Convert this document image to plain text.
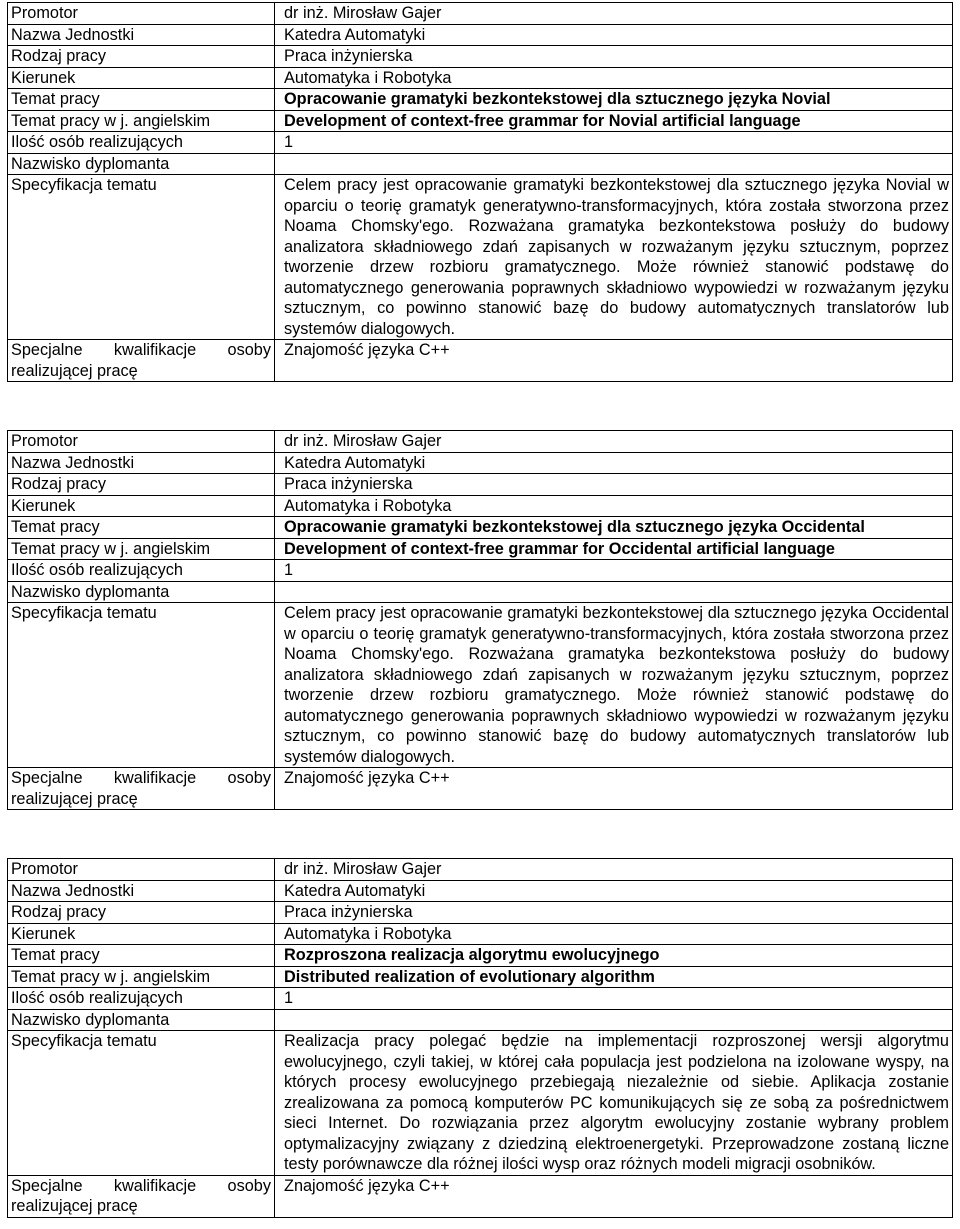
Promotor	dr inż. Mirosław Gajer
Nazwa Jednostki	Katedra Automatyki
Rodzaj pracy	Praca inżynierska
Kierunek	Automatyka i Robotyka
Temat pracy	Opracowanie gramatyki bezkontekstowej dla sztucznego języka Novial
Temat pracy w j. angielskim	Development of context-free grammar for Novial artificial language
Ilość osób realizujących	1
Nazwisko dyplomanta	
Specyfikacja tematu	Celem pracy jest opracowanie gramatyki bezkontekstowej dla sztucznego języka Novial w oparciu o teorię gramatyk generatywno-transformacyjnych, która została stworzona przez Noama Chomsky'ego. Rozważana gramatyka bezkontekstowa posłuży do budowy analizatora składniowego zdań zapisanych w rozważanym języku sztucznym, poprzez tworzenie drzew rozbioru gramatycznego. Może również stanowić podstawę do automatycznego generowania poprawnych składniowo wypowiedzi w rozważanym języku sztucznym, co powinno stanowić bazę do budowy automatycznych translatorów lub systemów dialogowych.

Specjalne kwalifikacje osoby
realizującej pracę	Znajomość języka C++
Promotor	dr inż. Mirosław Gajer
Nazwa Jednostki	Katedra Automatyki
Rodzaj pracy	Praca inżynierska
Kierunek	Automatyka i Robotyka
Temat pracy	Opracowanie gramatyki bezkontekstowej dla sztucznego języka Occidental
Temat pracy w j. angielskim	Development of context-free grammar for Occidental artificial language
Ilość osób realizujących	1
Nazwisko dyplomanta	
Specyfikacja tematu	Celem pracy jest opracowanie gramatyki bezkontekstowej dla sztucznego języka Occidental w oparciu o teorię gramatyk generatywno-transformacyjnych, która została stworzona przez Noama Chomsky'ego. Rozważana gramatyka bezkontekstowa posłuży do budowy analizatora składniowego zdań zapisanych w rozważanym języku sztucznym, poprzez tworzenie drzew rozbioru gramatycznego. Może również stanowić podstawę do automatycznego generowania poprawnych składniowo wypowiedzi w rozważanym języku sztucznym, co powinno stanowić bazę do budowy automatycznych translatorów lub systemów dialogowych.

Specjalne kwalifikacje osoby
realizującej pracę	Znajomość języka C++
Promotor	dr inż. Mirosław Gajer
Nazwa Jednostki	Katedra Automatyki
Rodzaj pracy	Praca inżynierska
Kierunek	Automatyka i Robotyka
Temat pracy	Rozproszona realizacja algorytmu ewolucyjnego
Temat pracy w j. angielskim	Distributed realization of evolutionary algorithm
Ilość osób realizujących	1
Nazwisko dyplomanta	
Specyfikacja tematu	Realizacja pracy polegać będzie na implementacji rozproszonej wersji algorytmu ewolucyjnego, czyli takiej, w której cała populacja jest podzielona na izolowane wyspy, na których procesy ewolucyjnego przebiegają niezależnie od siebie. Aplikacja zostanie zrealizowana za pomocą komputerów PC komunikujących się ze sobą za pośrednictwem sieci Internet. Do rozwiązania przez algorytm ewolucyjny zostanie wybrany problem optymalizacyjny związany z dziedziną elektroenergetyki. Przeprowadzone zostaną liczne testy porównawcze dla różnej ilości wysp oraz różnych modeli migracji osobników.

Specjalne kwalifikacje osoby
realizującej pracę	Znajomość języka C++
